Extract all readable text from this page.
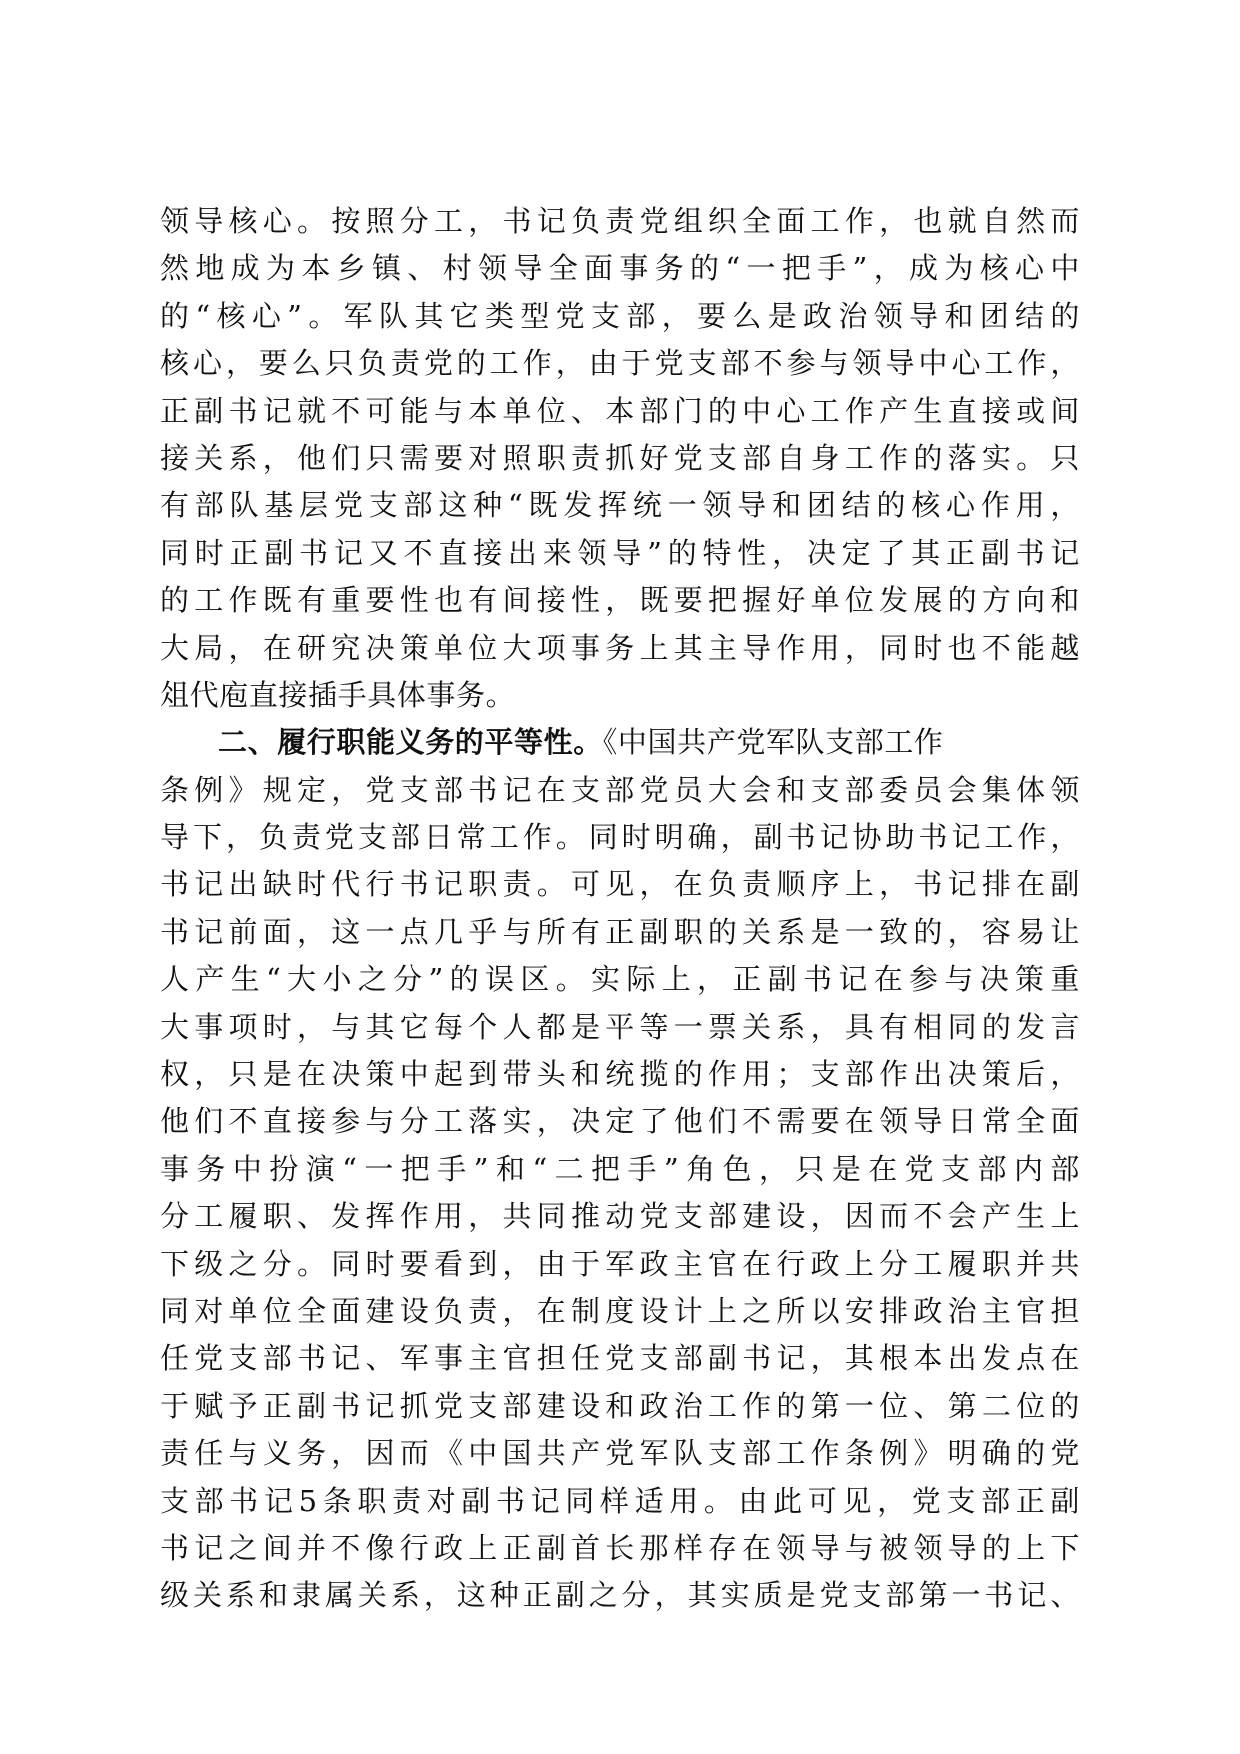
领导核心。按照分工，书记负责党组织全面工作，也就自然而
然地成为本乡镇、村领导全面事务的“一把手”，成为核心中
的“核心”。军队其它类型党支部，要么是政治领导和团结的
核心，要么只负责党的工作，由于党支部不参与领导中心工作，
正副书记就不可能与本单位、本部门的中心工作产生直接或间
接关系，他们只需要对照职责抓好党支部自身工作的落实。只
有部队基层党支部这种“既发挥统一领导和团结的核心作用，
同时正副书记又不直接出来领导”的特性，决定了其正副书记
的工作既有重要性也有间接性，既要把握好单位发展的方向和
大局，在研究决策单位大项事务上其主导作用，同时也不能越
俎代庖直接插手具体事务。
二、履行职能义务的平等性。《中国共产党军队支部工作
条例》规定，党支部书记在支部党员大会和支部委员会集体领
导下，负责党支部日常工作。同时明确，副书记协助书记工作，
书记出缺时代行书记职责。可见，在负责顺序上，书记排在副
书记前面，这一点几乎与所有正副职的关系是一致的，容易让
人产生“大小之分”的误区。实际上，正副书记在参与决策重
大事项时，与其它每个人都是平等一票关系，具有相同的发言
权，只是在决策中起到带头和统揽的作用；支部作出决策后，
他们不直接参与分工落实，决定了他们不需要在领导日常全面
事务中扮演“一把手”和“二把手”角色，只是在党支部内部
分工履职、发挥作用，共同推动党支部建设，因而不会产生上
下级之分。同时要看到，由于军政主官在行政上分工履职并共
同对单位全面建设负责，在制度设计上之所以安排政治主官担
任党支部书记、军事主官担任党支部副书记，其根本出发点在
于赋予正副书记抓党支部建设和政治工作的第一位、第二位的
责任与义务，因而《中国共产党军队支部工作条例》明确的党
支部书记5条职责对副书记同样适用。由此可见，党支部正副
书记之间并不像行政上正副首长那样存在领导与被领导的上下
级关系和隶属关系，这种正副之分，其实质是党支部第一书记、
